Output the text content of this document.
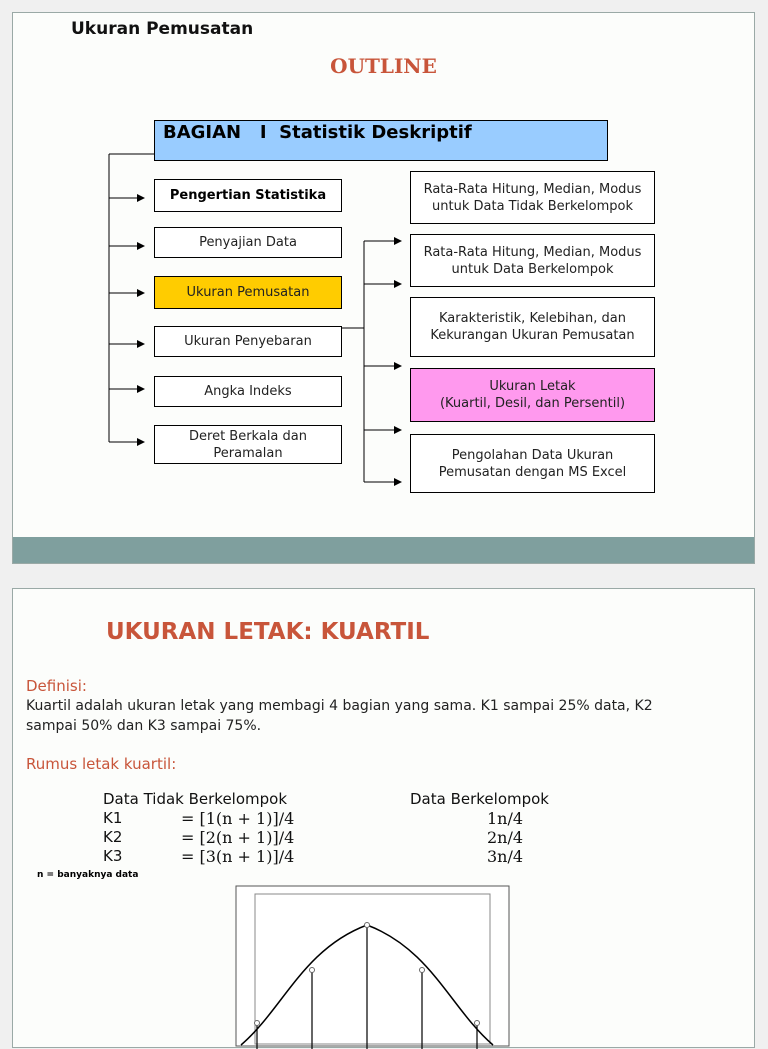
Ukuran Pemusatan
OUTLINE
BAGIAN   I  Statistik Deskriptif
Pengertian Statistika
Penyajian Data
Ukuran Pemusatan
Ukuran Penyebaran
Angka Indeks
Deret Berkala dan Peramalan
Rata-Rata Hitung, Median, Modus untuk Data Tidak Berkelompok
Rata-Rata Hitung, Median, Modus untuk Data Berkelompok
Karakteristik, Kelebihan, dan Kekurangan Ukuran Pemusatan
Ukuran Letak
(Kuartil, Desil, dan Persentil)
Pengolahan Data Ukuran Pemusatan dengan MS Excel
UKURAN LETAK: KUARTIL
Definisi:
Kuartil adalah ukuran letak yang membagi 4 bagian yang sama. K1 sampai 25% data, K2 sampai 50% dan K3 sampai 75%.
Rumus letak kuartil:
Data Tidak Berkelompok	Data Berkelompok
K1	= [1(n + 1)]/4	1n/4
K2	= [2(n + 1)]/4	2n/4
K3	= [3(n + 1)]/4	3n/4
n = banyaknya data
